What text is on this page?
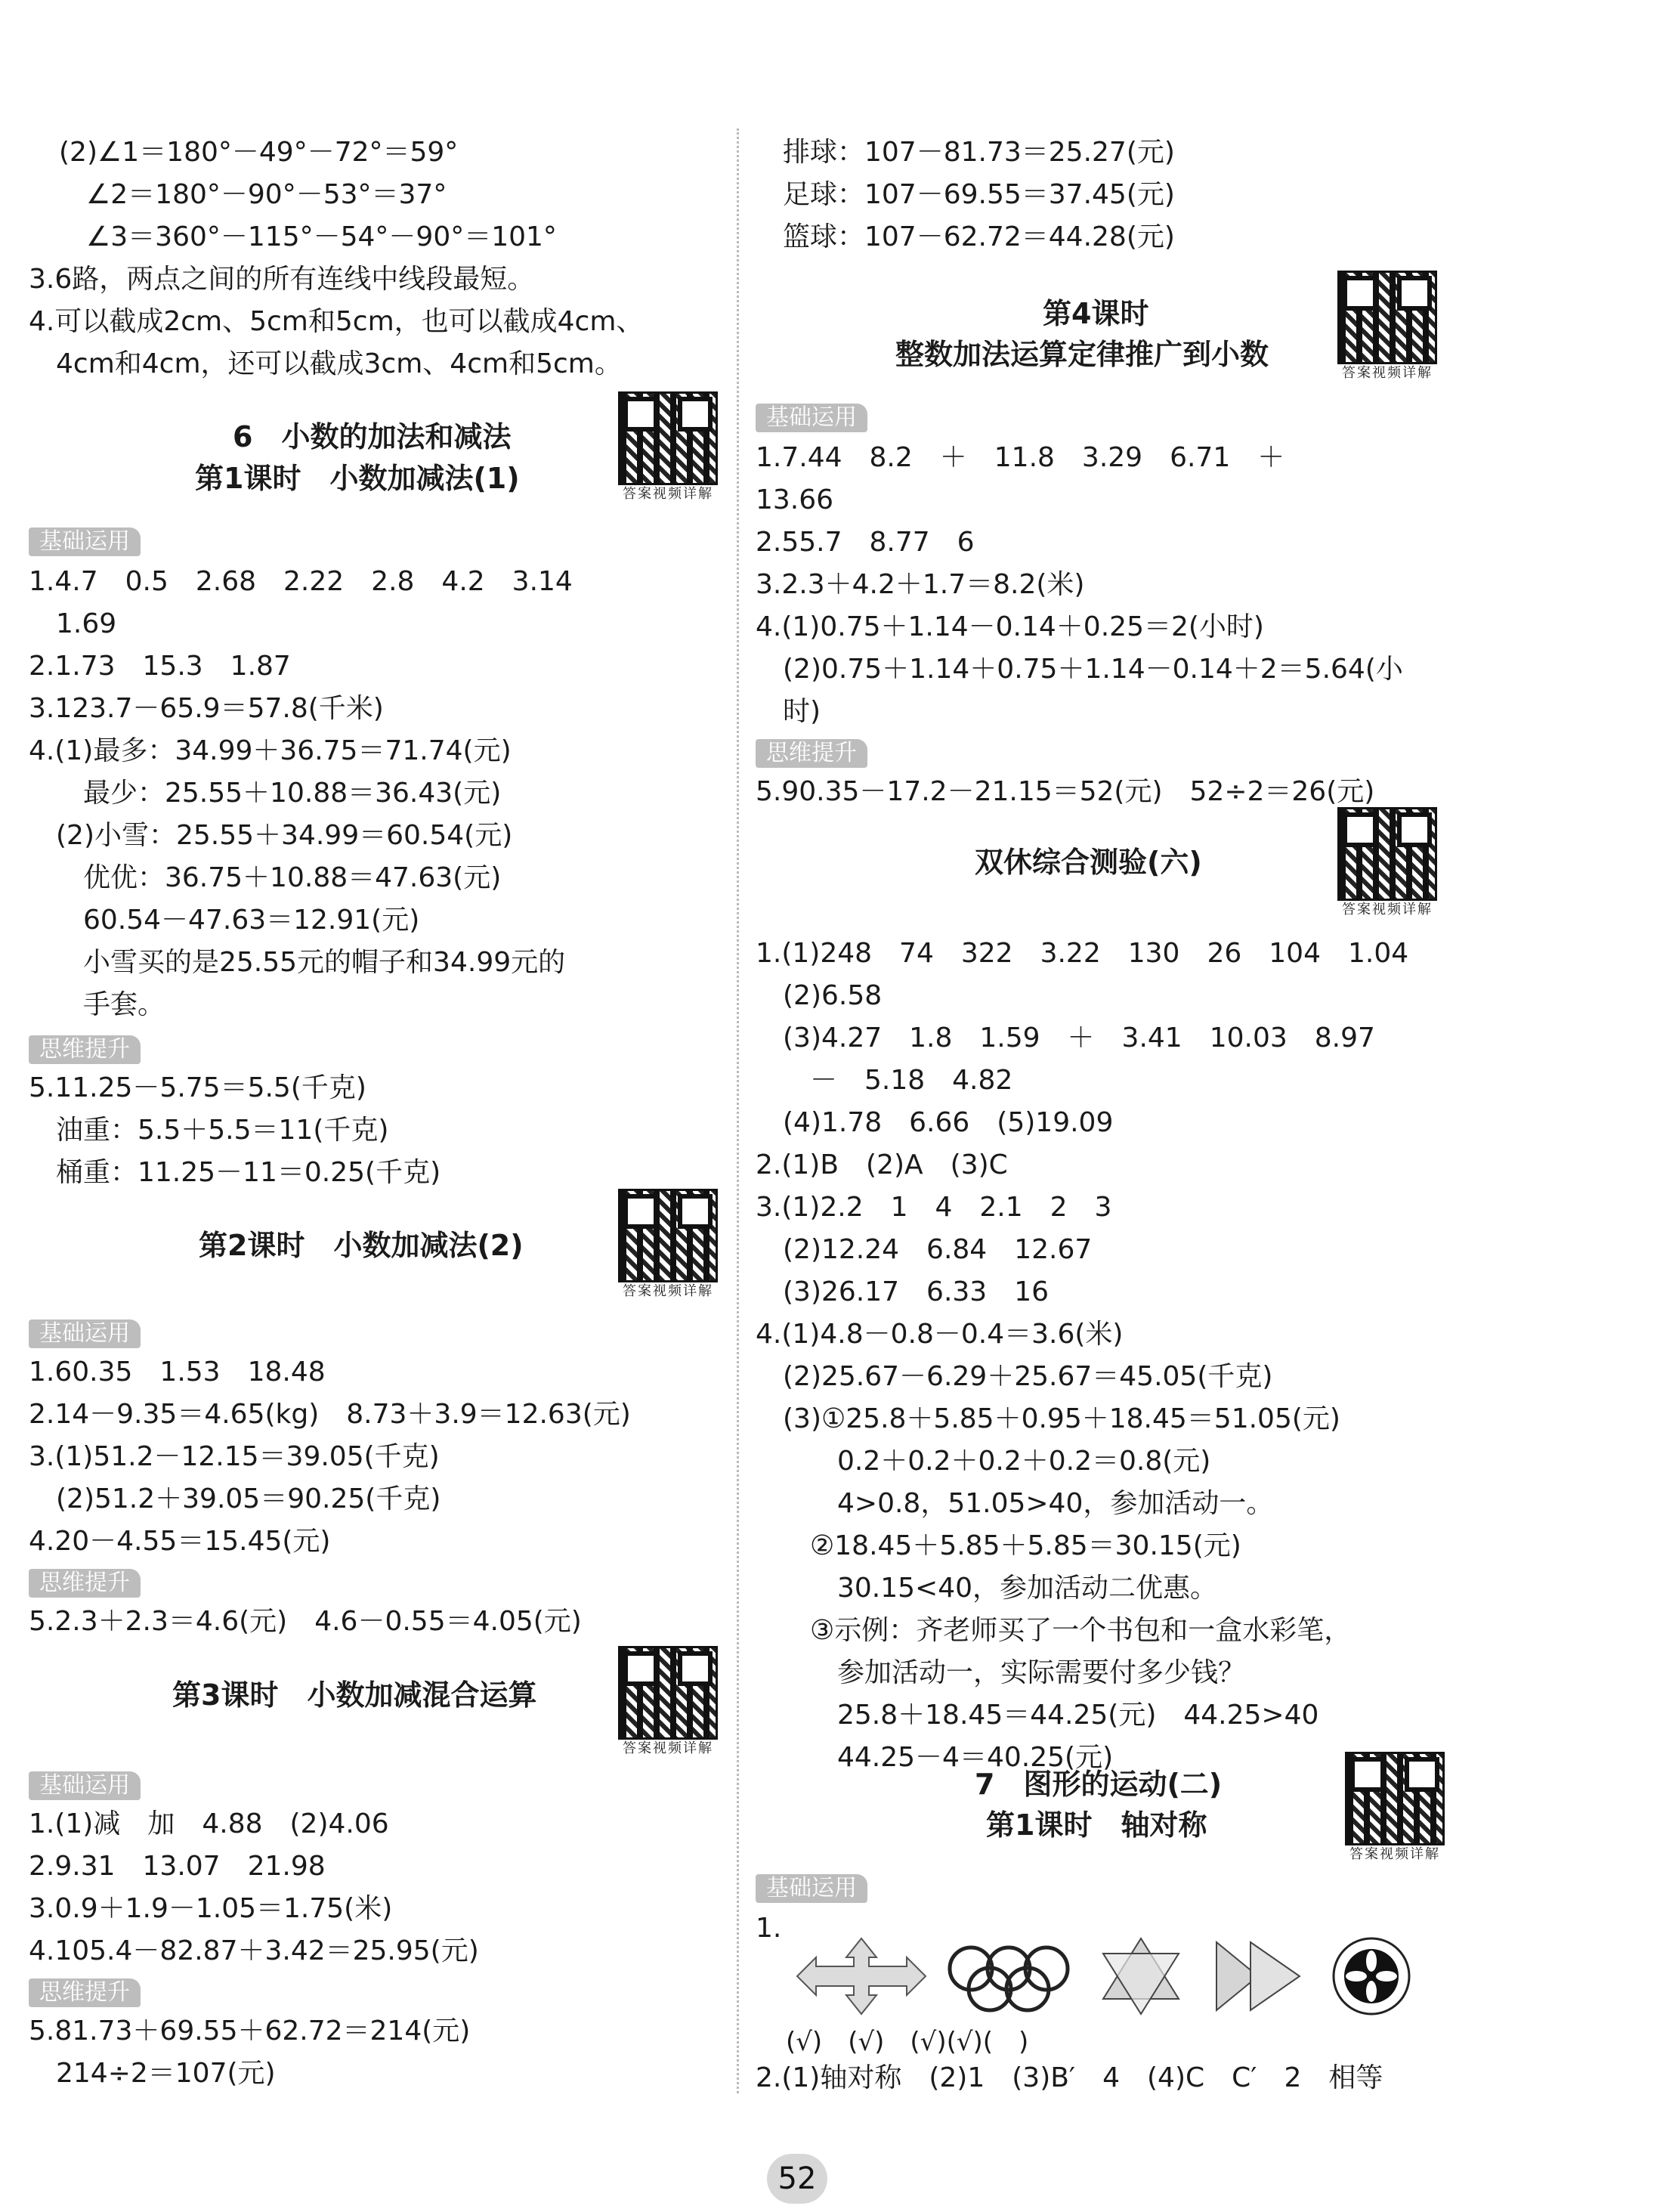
(2)∠1＝180°－49°－72°＝59°
　∠2＝180°－90°－53°＝37°
　∠3＝360°－115°－54°－90°＝101°
3.6路，两点之间的所有连线中线段最短。
4.可以截成2cm、5cm和5cm，也可以截成4cm、
　4cm和4cm，还可以截成3cm、4cm和5cm。
6　小数的加法和减法
第1课时　小数加减法(1)	答案视频详解
基础运用
1.4.7　0.5　2.68　2.22　2.8　4.2　3.14
　1.69
2.1.73　15.3　1.87
3.123.7－65.9＝57.8(千米)
4.(1)最多：34.99＋36.75＝71.74(元)
　　最少：25.55＋10.88＝36.43(元)
　(2)小雪：25.55＋34.99＝60.54(元)
　　优优：36.75＋10.88＝47.63(元)
　　60.54－47.63＝12.91(元)
　　小雪买的是25.55元的帽子和34.99元的
　　手套。
思维提升
5.11.25－5.75＝5.5(千克)
　油重：5.5＋5.5＝11(千克)
　桶重：11.25－11＝0.25(千克)
第2课时　小数加减法(2)
答案视频详解
基础运用
1.60.35　1.53　18.48
2.14－9.35＝4.65(kg)　8.73＋3.9＝12.63(元)
3.(1)51.2－12.15＝39.05(千克)
　(2)51.2＋39.05＝90.25(千克)
4.20－4.55＝15.45(元)
思维提升
5.2.3＋2.3＝4.6(元)　4.6－0.55＝4.05(元)
第3课时　小数加减混合运算
答案视频详解
基础运用
1.(1)减　加　4.88　(2)4.06
2.9.31　13.07　21.98
3.0.9＋1.9－1.05＝1.75(米)
4.105.4－82.87＋3.42＝25.95(元)
思维提升
5.81.73＋69.55＋62.72＝214(元)
　214÷2＝107(元)
　排球：107－81.73＝25.27(元)
　足球：107－69.55＝37.45(元)
　篮球：107－62.72＝44.28(元)
第4课时
整数加法运算定律推广到小数
答案视频详解
基础运用
1.7.44　8.2　＋　11.8　3.29　6.71　＋
13.66
2.55.7　8.77　6
3.2.3＋4.2＋1.7＝8.2(米)
4.(1)0.75＋1.14－0.14＋0.25＝2(小时)
　(2)0.75＋1.14＋0.75＋1.14－0.14＋2＝5.64(小
　时)
思维提升
5.90.35－17.2－21.15＝52(元)　52÷2＝26(元)
双休综合测验(六)
答案视频详解
1.(1)248　74　322　3.22　130　26　104　1.04
　(2)6.58
　(3)4.27　1.8　1.59　＋　3.41　10.03　8.97
　　－　5.18　4.82
　(4)1.78　6.66　(5)19.09
2.(1)B　(2)A　(3)C
3.(1)2.2　1　4　2.1　2　3
　(2)12.24　6.84　12.67
　(3)26.17　6.33　16
4.(1)4.8－0.8－0.4＝3.6(米)
　(2)25.67－6.29＋25.67＝45.05(千克)
　(3)①25.8＋5.85＋0.95＋18.45＝51.05(元)
　　　0.2＋0.2＋0.2＋0.2＝0.8(元)
　　　4>0.8，51.05>40，参加活动一。
　　②18.45＋5.85＋5.85＝30.15(元)
　　　30.15<40，参加活动二优惠。
　　③示例：齐老师买了一个书包和一盒水彩笔，
　　　参加活动一，实际需要付多少钱？
　　　25.8＋18.45＝44.25(元)　44.25>40
　　　44.25－4＝40.25(元)
7　图形的运动(二)
第1课时　轴对称
答案视频详解
基础运用
1.
2.(1)轴对称　(2)1　(3)B′　4　(4)C　C′　2　相等
(√)　(√)　(√)(√)(　)
52
